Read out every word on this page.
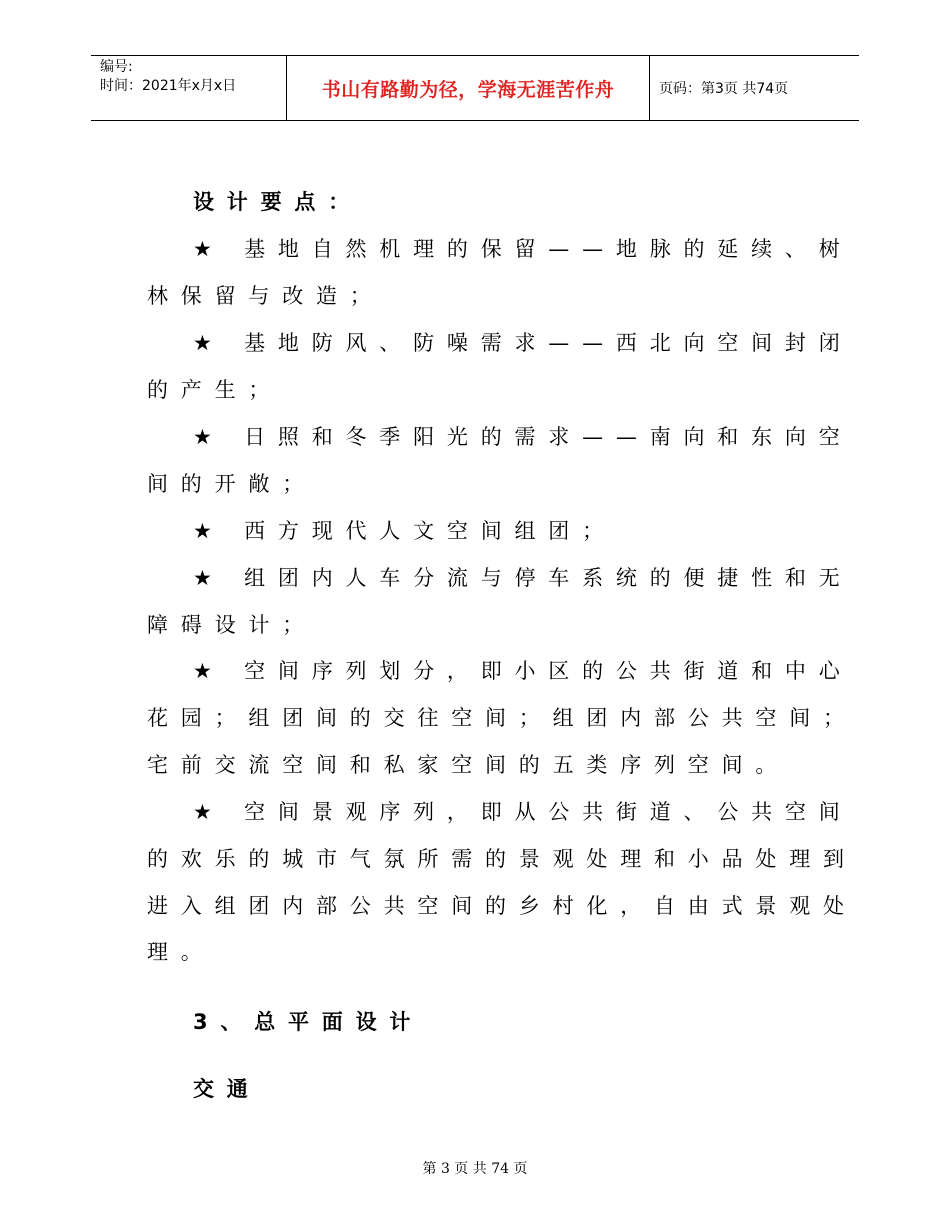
编号:
时间：2021年x月x日	书山有路勤为径，学海无涯苦作舟	页码：第3页 共74页
设计要点：
★ 基地自然机理的保留——地脉的延续、树
林保留与改造；
★ 基地防风、防噪需求——西北向空间封闭
的产生；
★ 日照和冬季阳光的需求——南向和东向空
间的开敞；
★ 西方现代人文空间组团；
★ 组团内人车分流与停车系统的便捷性和无
障碍设计；
★ 空间序列划分，即小区的公共街道和中心
花园；组团间的交往空间；组团内部公共空间；
宅前交流空间和私家空间的五类序列空间。
★ 空间景观序列，即从公共街道、公共空间
的欢乐的城市气氛所需的景观处理和小品处理到
进入组团内部公共空间的乡村化，自由式景观处
理。
3、总平面设计
交通
第 3 页 共 74 页
